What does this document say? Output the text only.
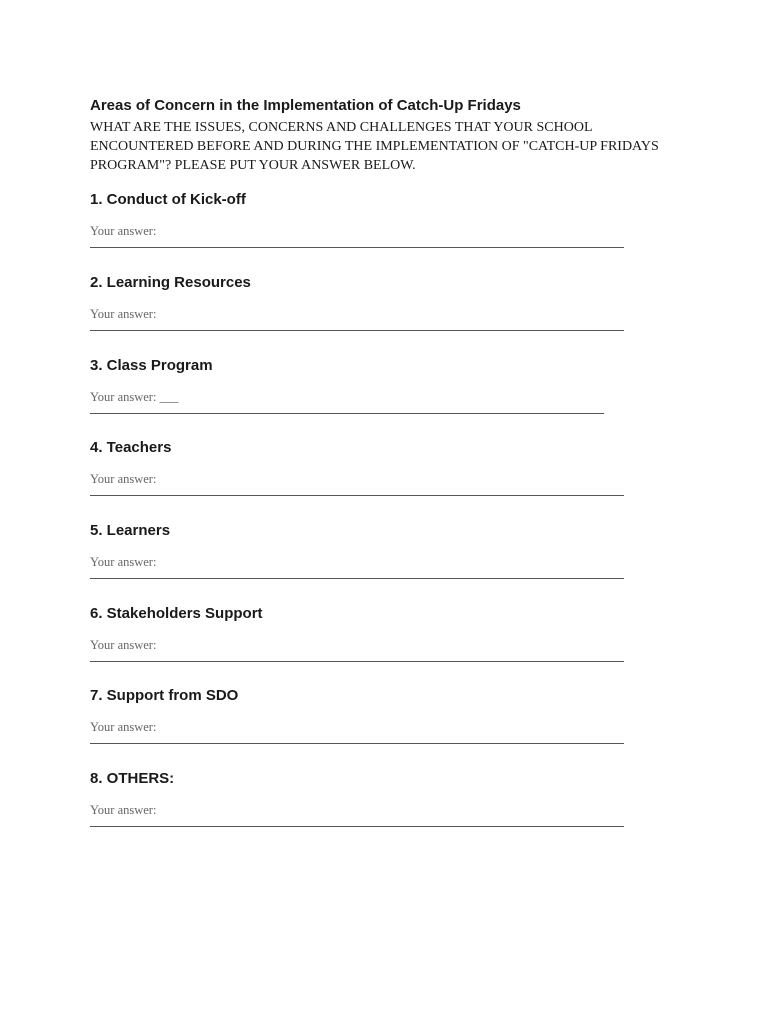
Areas of Concern in the Implementation of Catch-Up Fridays

WHAT ARE THE ISSUES, CONCERNS AND CHALLENGES THAT YOUR SCHOOL ENCOUNTERED BEFORE AND DURING THE IMPLEMENTATION OF "CATCH-UP FRIDAYS PROGRAM"? PLEASE PUT YOUR ANSWER BELOW.

1. Conduct of Kick-off
Your answer:
2. Learning Resources
Your answer:
3. Class Program
Your answer: ___
4. Teachers
Your answer:
5. Learners
Your answer:
6. Stakeholders Support
Your answer:
7. Support from SDO
Your answer:
8. OTHERS:
Your answer:
